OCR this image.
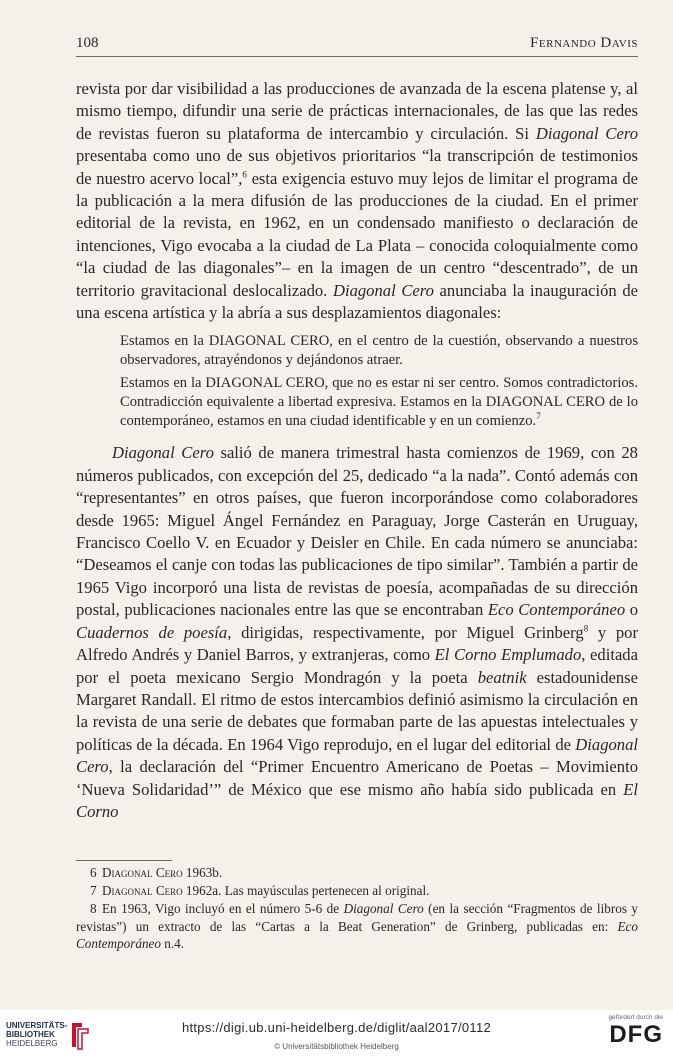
108	Fernando Davis

revista por dar visibilidad a las producciones de avanzada de la escena platense y, al mismo tiempo, difundir una serie de prácticas internacionales, de las que las redes de revistas fueron su plataforma de intercambio y circulación. Si Diagonal Cero presentaba como uno de sus objetivos prioritarios “la transcripción de testimonios de nuestro acervo local”,$^6$ esta exigencia estuvo muy lejos de limitar el programa de la publicación a la mera difusión de las producciones de la ciudad. En el primer editorial de la revista, en 1962, en un condensado manifiesto o declaración de intenciones, Vigo evocaba a la ciudad de La Plata – conocida coloquialmente como “la ciudad de las diagonales”– en la imagen de un centro “descentrado”, de un territorio gravitacional deslocalizado. Diagonal Cero anunciaba la inauguración de una escena artística y la abría a sus desplazamientos diagonales:

Estamos en la DIAGONAL CERO, en el centro de la cuestión, observando a nuestros observadores, atrayéndonos y dejándonos atraer.

Estamos en la DIAGONAL CERO, que no es estar ni ser centro. Somos contradictorios. Contradicción equivalente a libertad expresiva. Estamos en la DIAGONAL CERO de lo contemporáneo, estamos en una ciudad identificable y en un comienzo.$^7$

Diagonal Cero salió de manera trimestral hasta comienzos de 1969, con 28 números publicados, con excepción del 25, dedicado “a la nada”. Contó además con “representantes” en otros países, que fueron incorporándose como colaboradores desde 1965: Miguel Ángel Fernández en Paraguay, Jorge Casterán en Uruguay, Francisco Coello V. en Ecuador y Deisler en Chile. En cada número se anunciaba: “Deseamos el canje con todas las publicaciones de tipo similar”. También a partir de 1965 Vigo incorporó una lista de revistas de poesía, acompañadas de su dirección postal, publicaciones nacionales entre las que se encontraban Eco Contemporáneo o Cuadernos de poesía, dirigidas, respectivamente, por Miguel Grinberg$^8$ y por Alfredo Andrés y Daniel Barros, y extranjeras, como El Corno Emplumado, editada por el poeta mexicano Sergio Mondragón y la poeta beatnik estadounidense Margaret Randall. El ritmo de estos intercambios definió asimismo la circulación en la revista de una serie de debates que formaban parte de las apuestas intelectuales y políticas de la década. En 1964 Vigo reprodujo, en el lugar del editorial de Diagonal Cero, la declaración del “Primer Encuentro Americano de Poetas – Movimiento ‘Nueva Solidaridad’” de México que ese mismo año había sido publicada en El Corno

6 Diagonal Cero 1963b.

7 Diagonal Cero 1962a. Las mayúsculas pertenecen al original.

8 En 1963, Vigo incluyó en el número 5-6 de Diagonal Cero (en la sección “Fragmentos de libros y revistas”) un extracto de las “Cartas a la Beat Generation” de Grinberg, publicadas en: Eco Contemporáneo n.4.

UNIVERSITÄTS-
BIBLIOTHEK
HEIDELBERG
https://digi.ub.uni-heidelberg.de/diglit/aal2017/0112
© Universitätsbibliothek Heidelberg
gefördert durch die
DFG
